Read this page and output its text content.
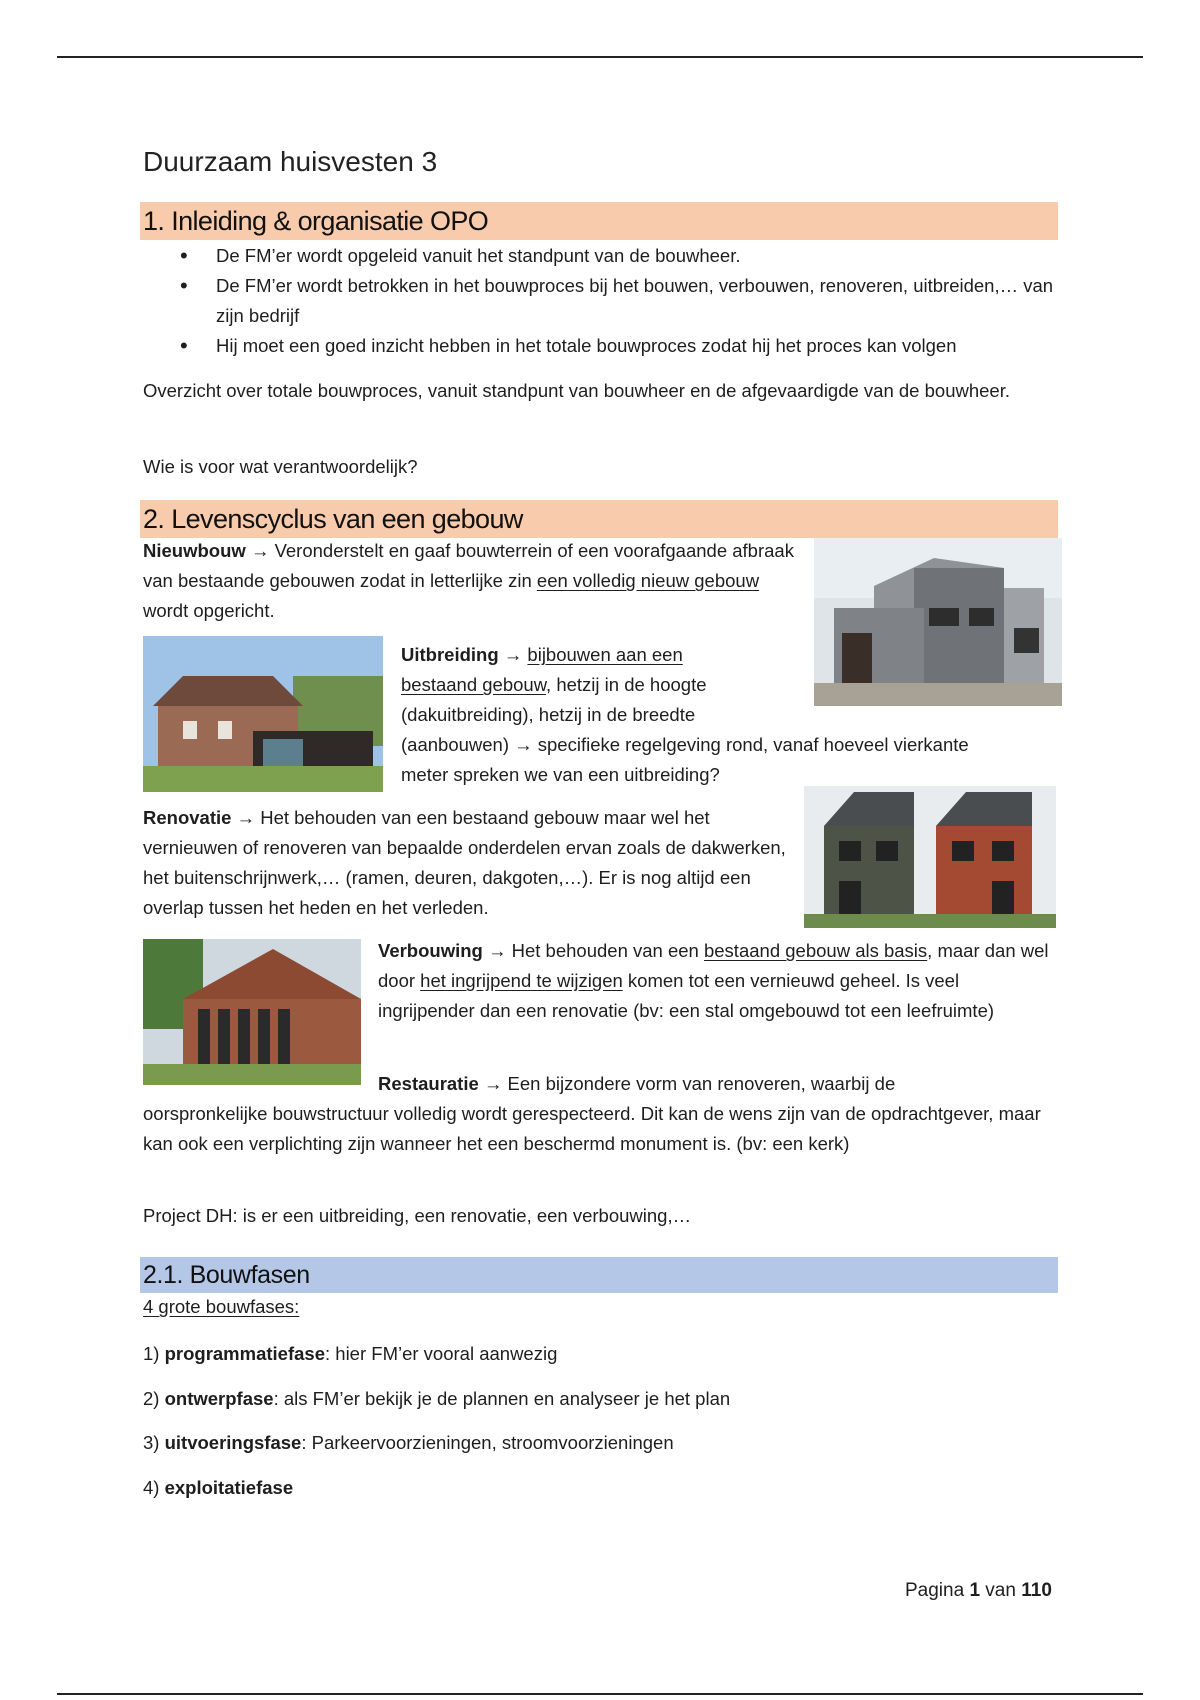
Duurzaam huisvesten 3
1. Inleiding & organisatie OPO
• De FM’er wordt opgeleid vanuit het standpunt van de bouwheer.
• De FM’er wordt betrokken in het bouwproces bij het bouwen, verbouwen, renoveren, uitbreiden,… van zijn bedrijf
• Hij moet een goed inzicht hebben in het totale bouwproces zodat hij het proces kan volgen
Overzicht over totale bouwproces, vanuit standpunt van bouwheer en de afgevaardigde van de bouwheer.
Wie is voor wat verantwoordelijk?
2. Levenscyclus van een gebouw
Nieuwbouw → Veronderstelt en gaaf bouwterrein of een voorafgaande afbraak van bestaande gebouwen zodat in letterlijke zin een volledig nieuw gebouw wordt opgericht.
Uitbreiding → bijbouwen aan een
bestaand gebouw, hetzij in de hoogte
(dakuitbreiding), hetzij in de breedte
(aanbouwen) → specifieke regelgeving rond, vanaf hoeveel vierkante
meter spreken we van een uitbreiding?
Renovatie → Het behouden van een bestaand gebouw maar wel het vernieuwen of renoveren van bepaalde onderdelen ervan zoals de dakwerken, het buitenschrijnwerk,… (ramen, deuren, dakgoten,…). Er is nog altijd een overlap tussen het heden en het verleden.
Verbouwing → Het behouden van een bestaand gebouw als basis, maar dan wel door het ingrijpend te wijzigen komen tot een vernieuwd geheel. Is veel ingrijpender dan een renovatie (bv: een stal omgebouwd tot een leefruimte)
Restauratie → Een bijzondere vorm van renoveren, waarbij de
oorspronkelijke bouwstructuur volledig wordt gerespecteerd. Dit kan de wens zijn van de opdrachtgever, maar kan ook een verplichting zijn wanneer het een beschermd monument is. (bv: een kerk)
Project DH: is er een uitbreiding, een renovatie, een verbouwing,…
2.1. Bouwfasen
4 grote bouwfases:
1) programmatiefase: hier FM’er vooral aanwezig
2) ontwerpfase: als FM’er bekijk je de plannen en analyseer je het plan
3) uitvoeringsfase: Parkeervoorzieningen, stroomvoorzieningen
4) exploitatiefase
Pagina 1 van 110
